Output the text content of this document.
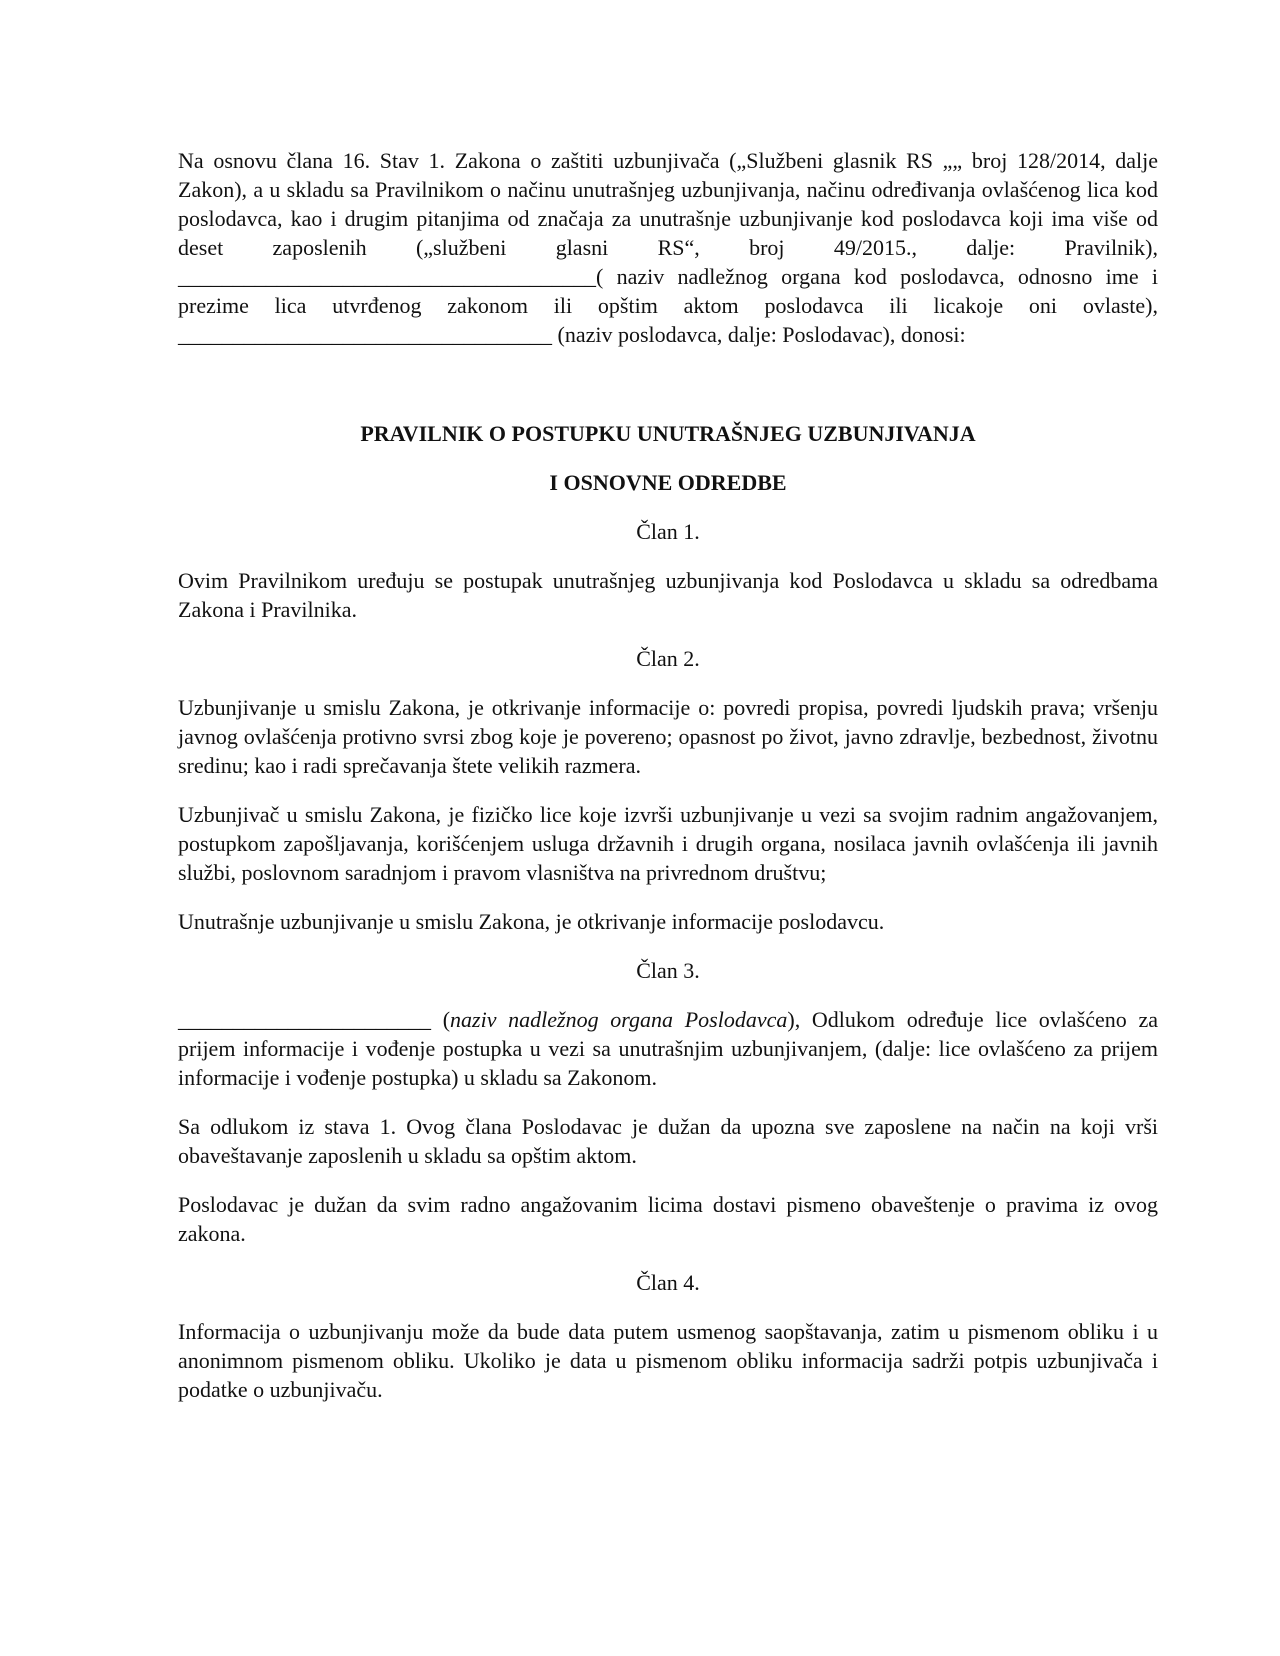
Na osnovu člana 16. Stav 1. Zakona o zaštiti uzbunjivača („Službeni glasnik RS „„ broj 128/2014, dalje Zakon), a u skladu sa Pravilnikom o načinu unutrašnjeg uzbunjivanja, načinu određivanja ovlašćenog lica kod poslodavca, kao i drugim pitanjima od značaja za unutrašnje uzbunjivanje kod poslodavca koji ima više od deset zaposlenih („službeni glasni RS“, broj 49/2015., dalje: Pravilnik), ______________________________________( naziv nadležnog organa kod poslodavca, odnosno ime i prezime lica utvrđenog zakonom ili opštim aktom poslodavca ili licakoje oni ovlaste), __________________________________ (naziv poslodavca, dalje: Poslodavac), donosi:

PRAVILNIK O POSTUPKU UNUTRAŠNJEG UZBUNJIVANJA

I OSNOVNE ODREDBE

Član 1.

Ovim Pravilnikom uređuju se postupak unutrašnjeg uzbunjivanja kod Poslodavca u skladu sa odredbama Zakona i Pravilnika.

Član 2.

Uzbunjivanje u smislu Zakona, je otkrivanje informacije o: povredi propisa, povredi ljudskih prava; vršenju javnog ovlašćenja protivno svrsi zbog koje je povereno; opasnost po život, javno zdravlje, bezbednost, životnu sredinu; kao i radi sprečavanja štete velikih razmera.

Uzbunjivač u smislu Zakona, je fizičko lice koje izvrši uzbunjivanje u vezi sa svojim radnim angažovanjem, postupkom zapošljavanja, korišćenjem usluga državnih i drugih organa, nosilaca javnih ovlašćenja ili javnih službi, poslovnom saradnjom i pravom vlasništva na privrednom društvu;

Unutrašnje uzbunjivanje u smislu Zakona, je otkrivanje informacije poslodavcu.

Član 3.

_______________________ (naziv nadležnog organa Poslodavca), Odlukom određuje lice ovlašćeno za prijem informacije i vođenje postupka u vezi sa unutrašnjim uzbunjivanjem, (dalje: lice ovlašćeno za prijem informacije i vođenje postupka) u skladu sa Zakonom.

Sa odlukom iz stava 1. Ovog člana Poslodavac je dužan da upozna sve zaposlene na način na koji vrši obaveštavanje zaposlenih u skladu sa opštim aktom.

Poslodavac je dužan da svim radno angažovanim licima dostavi pismeno obaveštenje o pravima iz ovog zakona.

Član 4.

Informacija o uzbunjivanju može da bude data putem usmenog saopštavanja, zatim u pismenom obliku i u anonimnom pismenom obliku. Ukoliko je data u pismenom obliku informacija sadrži potpis uzbunjivača i podatke o uzbunjivaču.
